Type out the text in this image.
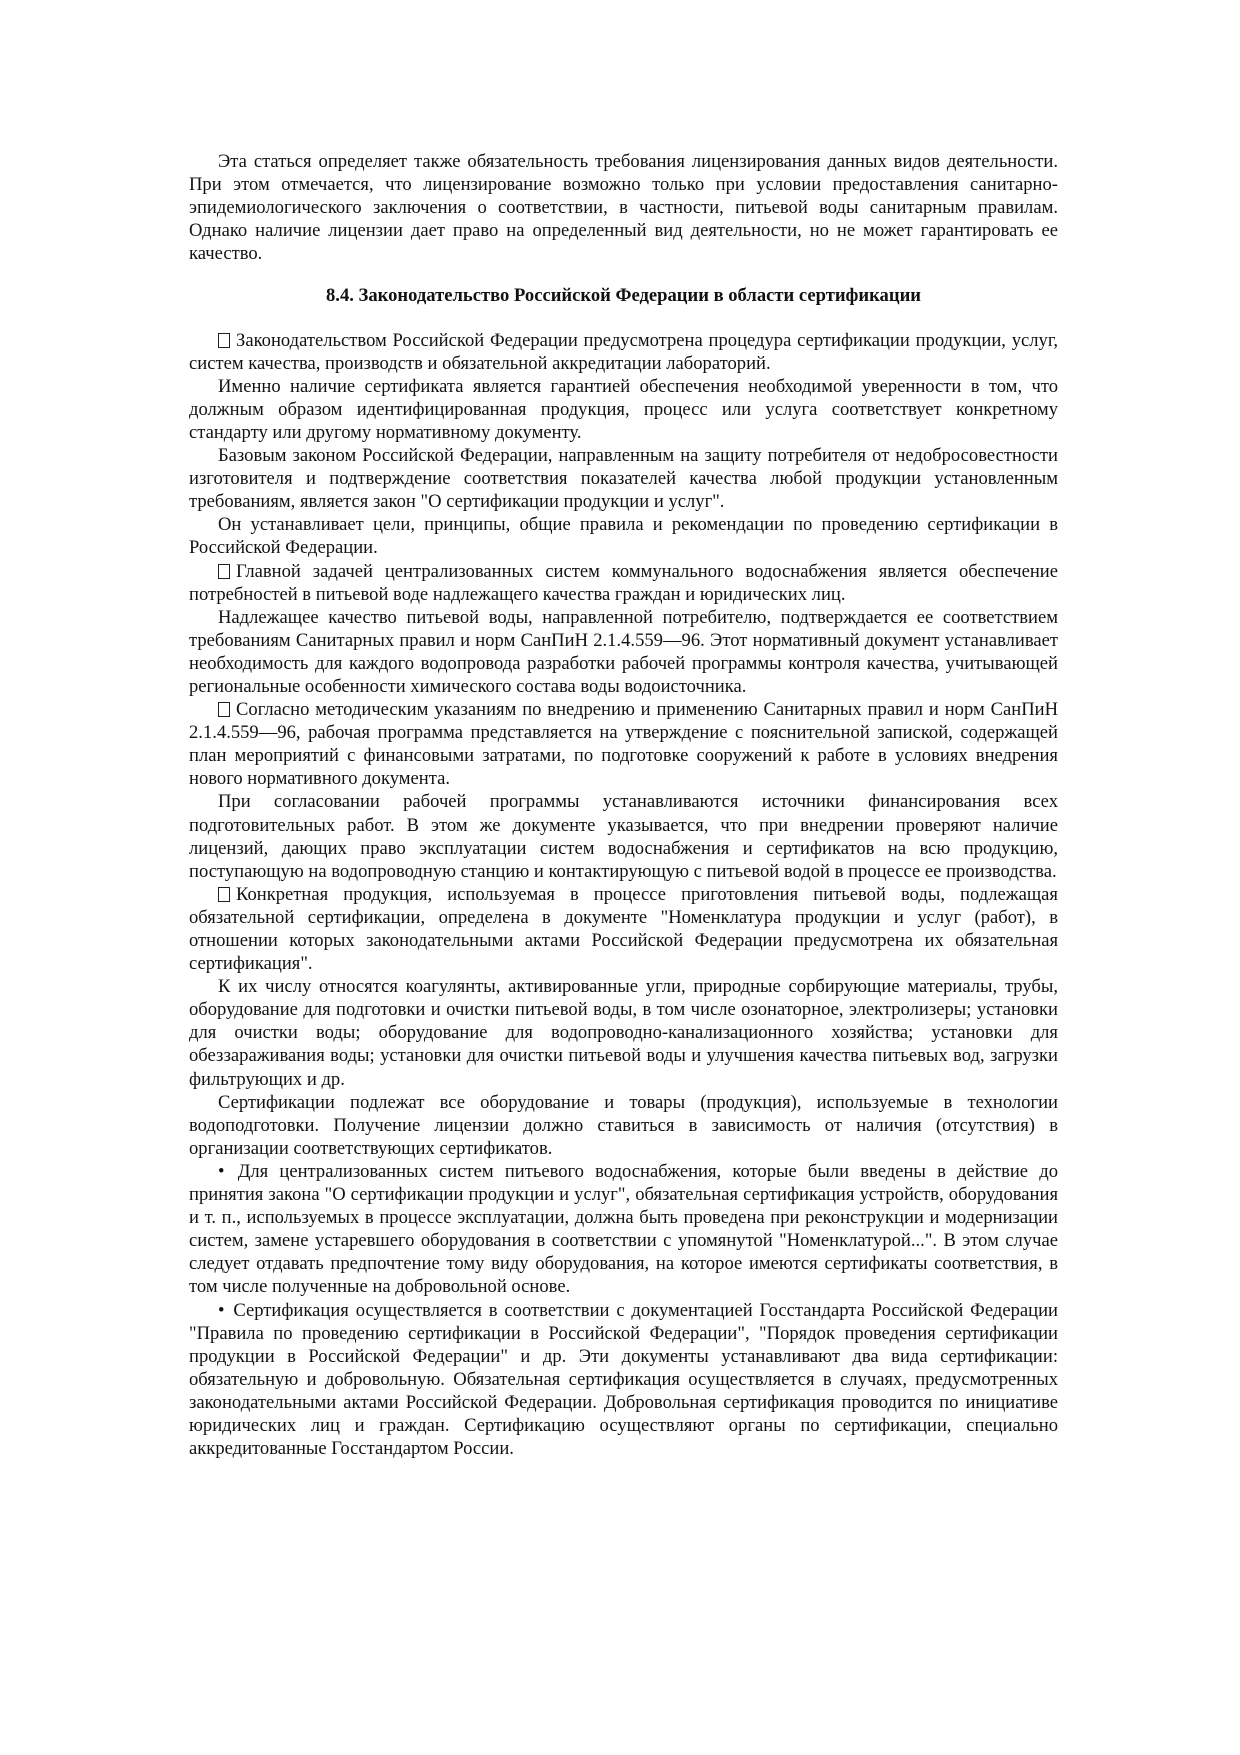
Эта статься определяет также обязательность требования лицензирования данных видов деятельности. При этом отмечается, что лицензирование возможно только при условии предоставления санитарно-эпидемиологического заключения о соответствии, в частности, питьевой воды санитарным правилам. Однако наличие лицензии дает право на определенный вид деятельности, но не может гарантировать ее качество.

8.4. Законодательство Российской Федерации в области сертификации

Законодательством Российской Федерации предусмотрена процедура сертификации продукции, услуг, систем качества, производств и обязательной аккредитации лабораторий.

Именно наличие сертификата является гарантией обеспечения необходимой уверенности в том, что должным образом идентифицированная продукция, процесс или услуга соответствует конкретному стандарту или другому нормативному документу.

Базовым законом Российской Федерации, направленным на защиту потребителя от недобросовестности изготовителя и подтверждение соответствия показателей качества любой продукции установленным требованиям, является закон "О сертификации продукции и услуг".

Он устанавливает цели, принципы, общие правила и рекомендации по проведению сертификации в Российской Федерации.

Главной задачей централизованных систем коммунального водоснабжения является обеспечение потребностей в питьевой воде надлежащего качества граждан и юридических лиц.

Надлежащее качество питьевой воды, направленной потребителю, подтверждается ее соответствием требованиям Санитарных правил и норм СанПиН 2.1.4.559—96. Этот нормативный документ устанавливает необходимость для каждого водопровода разработки рабочей программы контроля качества, учитывающей региональные особенности химического состава воды водоисточника.

Согласно методическим указаниям по внедрению и применению Санитарных правил и норм СанПиН 2.1.4.559—96, рабочая программа представляется на утверждение с пояснительной запиской, содержащей план мероприятий с финансовыми затратами, по подготовке сооружений к работе в условиях внедрения нового нормативного документа.

При согласовании рабочей программы устанавливаются источники финансирования всех подготовительных работ. В этом же документе указывается, что при внедрении проверяют наличие лицензий, дающих право эксплуатации систем водоснабжения и сертификатов на всю продукцию, поступающую на водопроводную станцию и контактирующую с питьевой водой в процессе ее производства.

Конкретная продукция, используемая в процессе приготовления питьевой воды, подлежащая обязательной сертификации, определена в документе "Номенклатура продукции и услуг (работ), в отношении которых законодательными актами Российской Федерации предусмотрена их обязательная сертификация".

К их числу относятся коагулянты, активированные угли, природные сорбирующие материалы, трубы, оборудование для подготовки и очистки питьевой воды, в том числе озонаторное, электролизеры; установки для очистки воды; оборудование для водопроводно-канализационного хозяйства; установки для обеззараживания воды; установки для очистки питьевой воды и улучшения качества питьевых вод, загрузки фильтрующих и др.

Сертификации подлежат все оборудование и товары (продукция), используемые в технологии водоподготовки. Получение лицензии должно ставиться в зависимость от наличия (отсутствия) в организации соответствующих сертификатов.

• Для централизованных систем питьевого водоснабжения, которые были введены в действие до принятия закона "О сертификации продукции и услуг", обязательная сертификация устройств, оборудования и т. п., используемых в процессе эксплуатации, должна быть проведена при реконструкции и модернизации систем, замене устаревшего оборудования в соответствии с упомянутой "Номенклатурой...". В этом случае следует отдавать предпочтение тому виду оборудования, на которое имеются сертификаты соответствия, в том числе полученные на добровольной основе.

• Сертификация осуществляется в соответствии с документацией Госстандарта Российской Федерации "Правила по проведению сертификации в Российской Федерации", "Порядок проведения сертификации продукции в Российской Федерации" и др. Эти документы устанавливают два вида сертификации: обязательную и добровольную. Обязательная сертификация осуществляется в случаях, предусмотренных законодательными актами Российской Федерации. Добровольная сертификация проводится по инициативе юридических лиц и граждан. Сертификацию осуществляют органы по сертификации, специально аккредитованные Госстандартом России.
